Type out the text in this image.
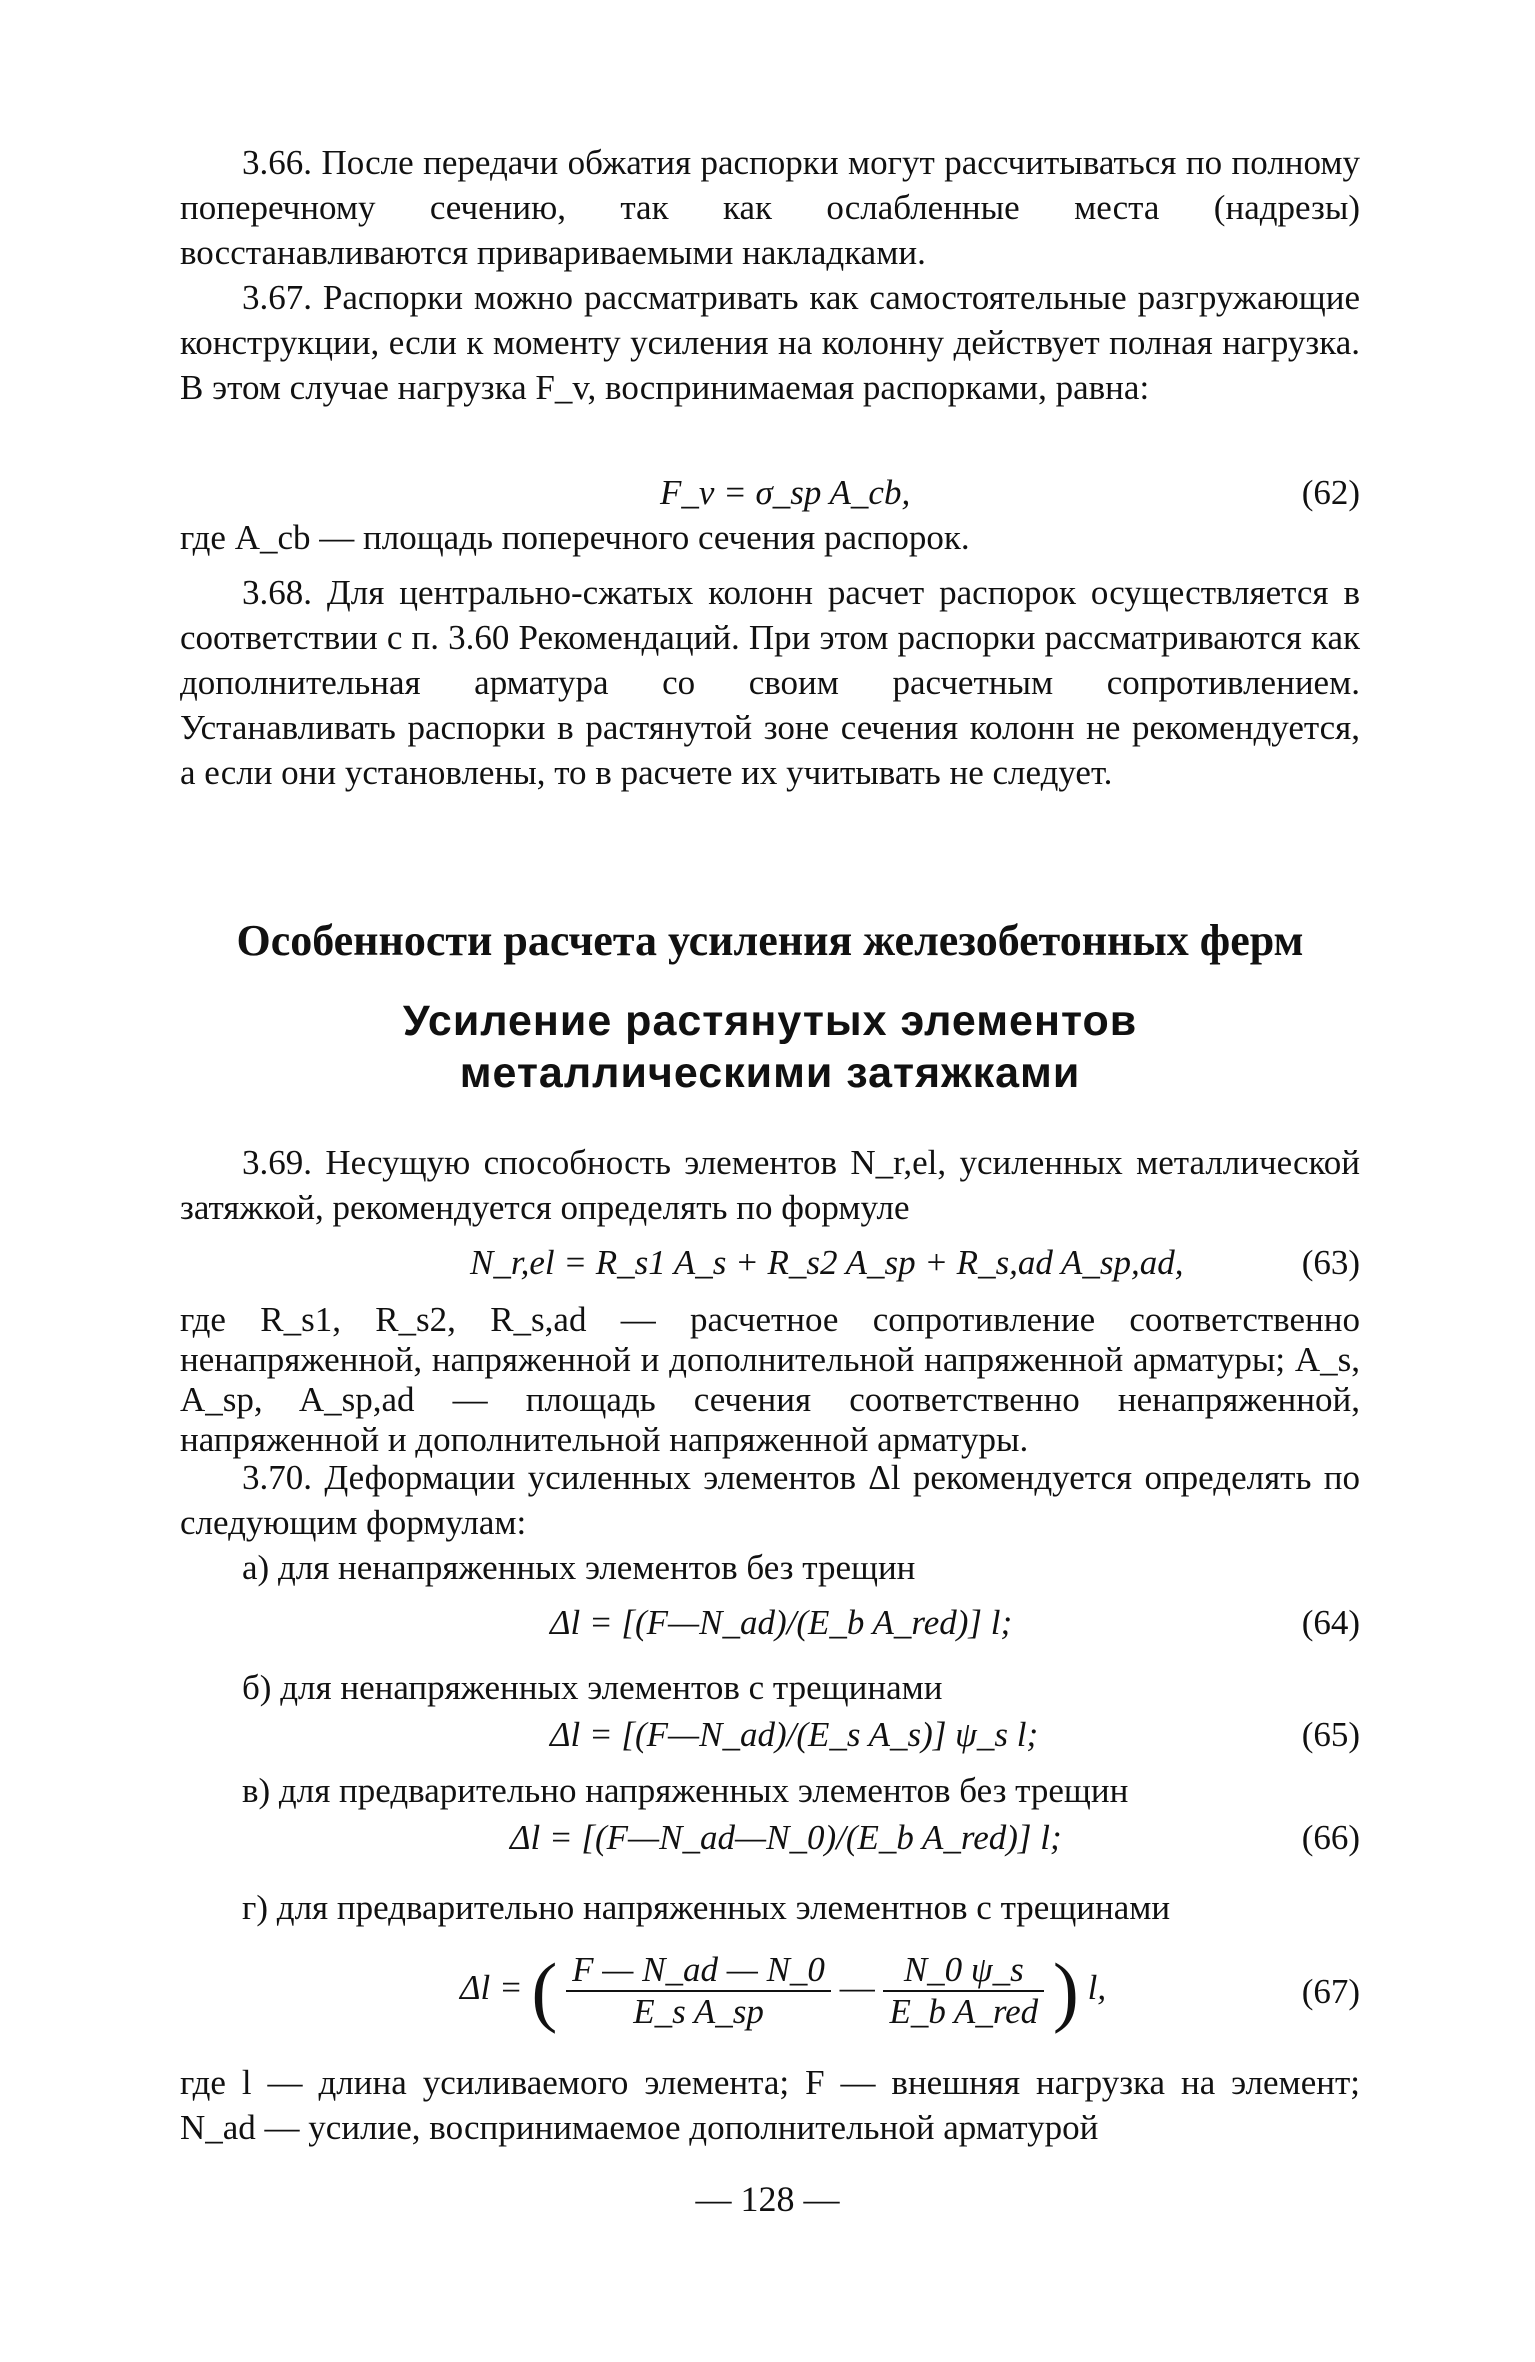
3.66. После передачи обжатия распорки могут рассчитываться по полному поперечному сечению, так как ослабленные места (надрезы) восстанавливаются привариваемыми накладками.

3.67. Распорки можно рассматривать как самостоятельные разгружающие конструкции, если к моменту усиления на колонну действует полная нагрузка. В этом случае нагрузка F_v, воспринимаемая распорками, равна:

F_v = σ_sp A_cb,	(62)

где A_cb — площадь поперечного сечения распорок.

3.68. Для центрально-сжатых колонн расчет распорок осуществляется в соответствии с п. 3.60 Рекомендаций. При этом распорки рассматриваются как дополнительная арматура со своим расчетным сопротивлением. Устанавливать распорки в растянутой зоне сечения колонн не рекомендуется, а если они установлены, то в расчете их учитывать не следует.

Особенности расчета усиления железобетонных ферм
Усиление растянутых элементов металлическими затяжками

3.69. Несущую способность элементов N_r,el, усиленных металлической затяжкой, рекомендуется определять по формуле

N_r,el = R_s1 A_s + R_s2 A_sp + R_s,ad A_sp,ad,	(63)

где R_s1, R_s2, R_s,ad — расчетное сопротивление соответственно ненапряженной, напряженной и дополнительной напряженной арматуры; A_s, A_sp, A_sp,ad — площадь сечения соответственно ненапряженной, напряженной и дополнительной напряженной арматуры.

3.70. Деформации усиленных элементов Δl рекомендуется определять по следующим формулам:

а) для ненапряженных элементов без трещин

Δl = [(F—N_ad)/(E_b A_red)] l;	(64)

б) для ненапряженных элементов с трещинами

Δl = [(F—N_ad)/(E_s A_s)] ψ_s l;	(65)

в) для предварительно напряженных элементов без трещин

Δl = [(F—N_ad—N_0)/(E_b A_red)] l;	(66)

г) для предварительно напряженных элементнов с трещинами

Δl = ( $\frac{F — N\_ad — N\_0}{\text{E\_s A\_sp}}$ — $\frac{N\_0 \psi\_s}{\text{E\_b A\_red}}$ ) l,	(67)

где l — длина усиливаемого элемента; F — внешняя нагрузка на элемент; N_ad — усилие, воспринимаемое дополнительной арматурой

— 128 —
